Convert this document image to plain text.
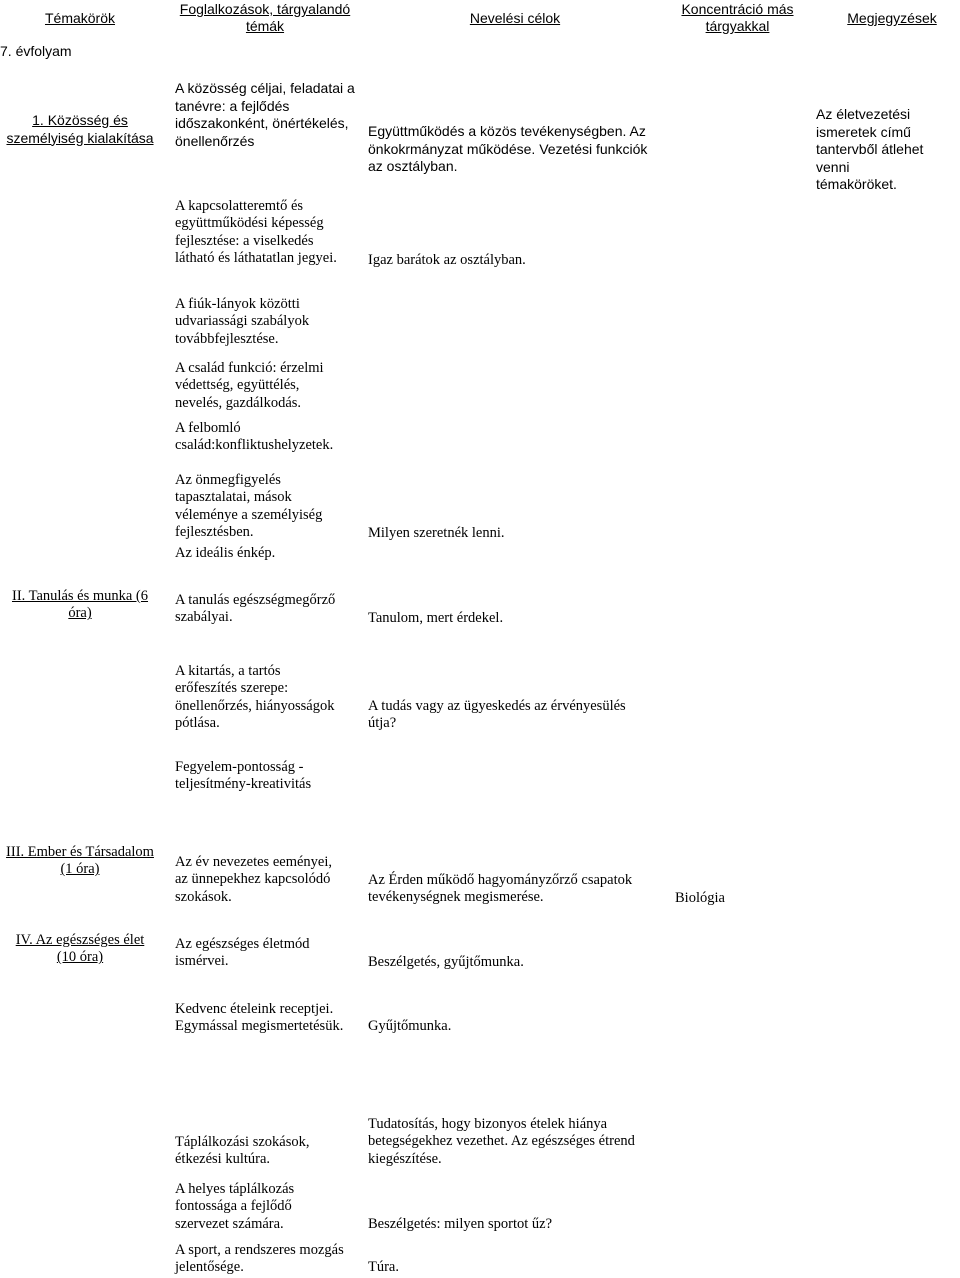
Témakörök
Foglalkozások, tárgyalandó
témák	Nevelési célok
Koncentráció más
tárgyakkal	Megjegyzések
7. évfolyam
1. Közösség és
személyiség kialakítása
II. Tanulás és munka (6
óra)
III. Ember és Társadalom
(1 óra)
IV. Az egészséges élet
(10 óra)
A közösség céljai, feladatai a
tanévre: a fejlődés
időszakonként, önértékelés,
önellenőrzés
A kapcsolatteremtő és
együttműködési képesség
fejlesztése: a viselkedés
látható és láthatatlan jegyei.
A fiúk-lányok közötti
udvariassági szabályok
továbbfejlesztése.
A család funkció: érzelmi
védettség, együttélés,
nevelés, gazdálkodás.
A felbomló
család:konfliktushelyzetek.
Az önmegfigyelés
tapasztalatai, mások
véleménye a személyiség
fejlesztésben.
Az ideális énkép.
A tanulás egészségmegőrző
szabályai.
A kitartás, a tartós
erőfeszítés szerepe:
önellenőrzés, hiányosságok
pótlása.
Fegyelem-pontosság -
teljesítmény-kreativitás
Az év nevezetes eeményei,
az ünnepekhez kapcsolódó
szokások.
Az egészséges életmód
ismérvei.
Kedvenc ételeink receptjei.
Egymással megismertetésük.
Táplálkozási szokások,
étkezési kultúra.
A helyes táplálkozás
fontossága a fejlődő
szervezet számára.
A sport, a rendszeres mozgás
jelentősége.
Együttműködés a közös tevékenységben. Az
önkokrmányzat működése. Vezetési funkciók
az osztályban.
Igaz barátok az osztályban.
Milyen szeretnék lenni.
Tanulom, mert érdekel.
A tudás vagy az ügyeskedés az érvényesülés
útja?
Az Érden működő hagyományzőrző csapatok
tevékenységnek megismerése.
Beszélgetés, gyűjtőmunka.
Gyűjtőmunka.
Tudatosítás, hogy bizonyos ételek hiánya
betegségekhez vezethet. Az egészséges étrend
kiegészítése.
Beszélgetés: milyen sportot űz?
Túra.
Biológia
Az életvezetési
ismeretek című
tantervből átlehet venni
témaköröket.
